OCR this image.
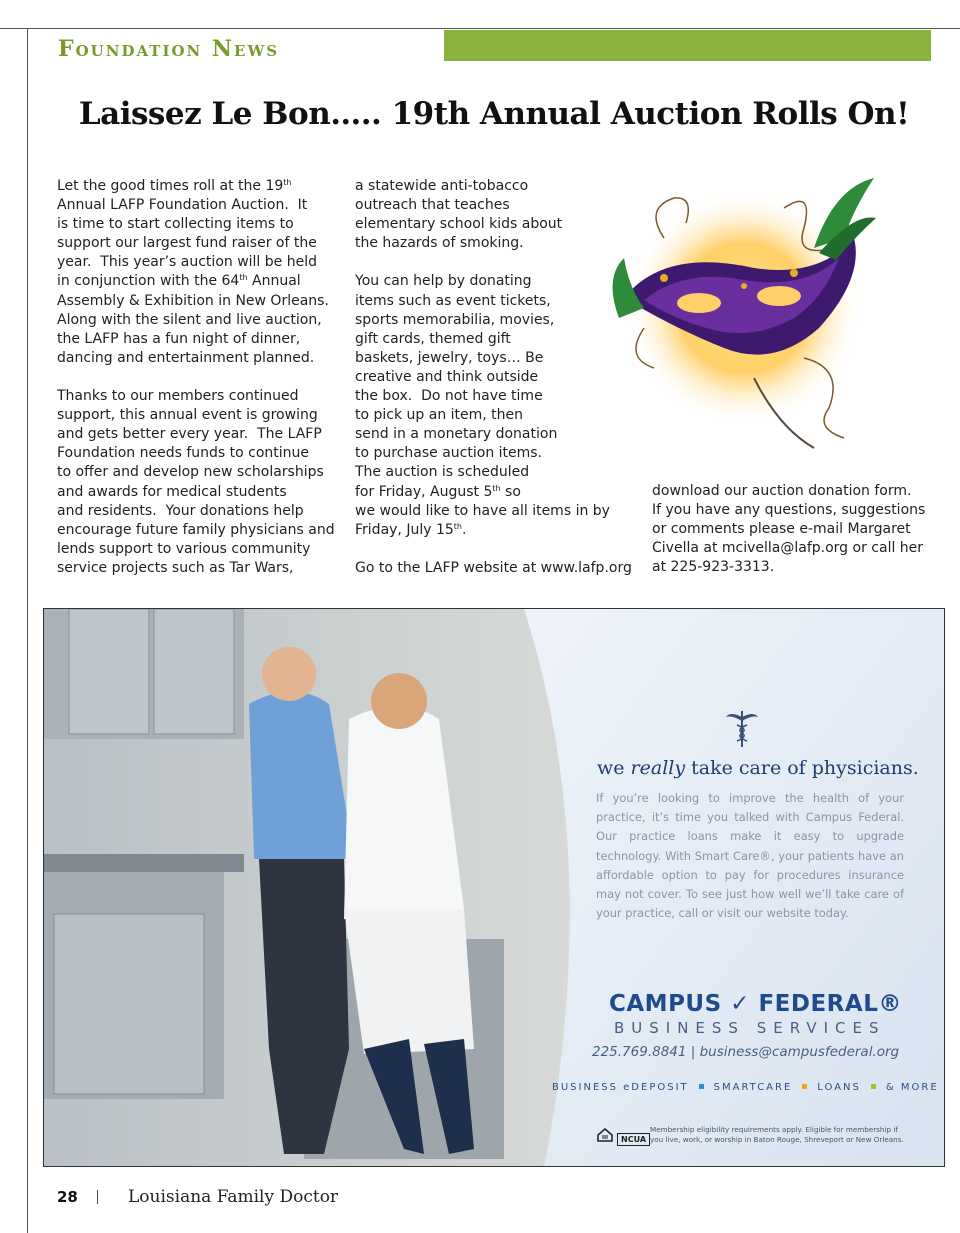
Foundation News
Laissez Le Bon….. 19th Annual Auction Rolls On!

Let the good times roll at the 19th

Annual LAFP Foundation Auction.  It

is time to start collecting items to

support our largest fund raiser of the

year.  This year’s auction will be held

in conjunction with the 64th Annual

Assembly & Exhibition in New Orleans.

Along with the silent and live auction,

the LAFP has a fun night of dinner,

dancing and entertainment planned.

Thanks to our members continued

support, this annual event is growing

and gets better every year.  The LAFP

Foundation needs funds to continue

to offer and develop new scholarships

and awards for medical students

and residents.  Your donations help

encourage future family physicians and

lends support to various community

service projects such as Tar Wars,

a statewide anti-tobacco

outreach that teaches

elementary school kids about

the hazards of smoking.

You can help by donating

items such as event tickets,

sports memorabilia, movies,

gift cards, themed gift

baskets, jewelry, toys… Be

creative and think outside

the box.  Do not have time

to pick up an item, then

send in a monetary donation

to purchase auction items.

The auction is scheduled

for Friday, August 5th so

we would like to have all items in by

Friday, July 15th.

Go to the LAFP website at www.lafp.org

download our auction donation form.

If you have any questions, suggestions

or comments please e-mail Margaret

Civella at mcivella@lafp.org or call her

at 225-923-3313.

we really take care of physicians.
If you’re looking to improve the health of your practice, it’s time you talked with Campus Federal. Our practice loans make it easy to upgrade technology. With Smart Care®, your patients have an affordable option to pay for procedures insurance may not cover. To see just how well we’ll take care of your practice, call or visit our website today.
CAMPUS ✓ FEDERAL®
BUSINESS SERVICES
225.769.8841 | business@campusfederal.org
BUSINESS eDEPOSIT	SMARTCARE	LOANS	& MORE
NCUA
Membership eligibility requirements apply. Eligible for membership if you live, work, or worship in Baton Rouge, Shreveport or New Orleans.
28	Louisiana Family Doctor
